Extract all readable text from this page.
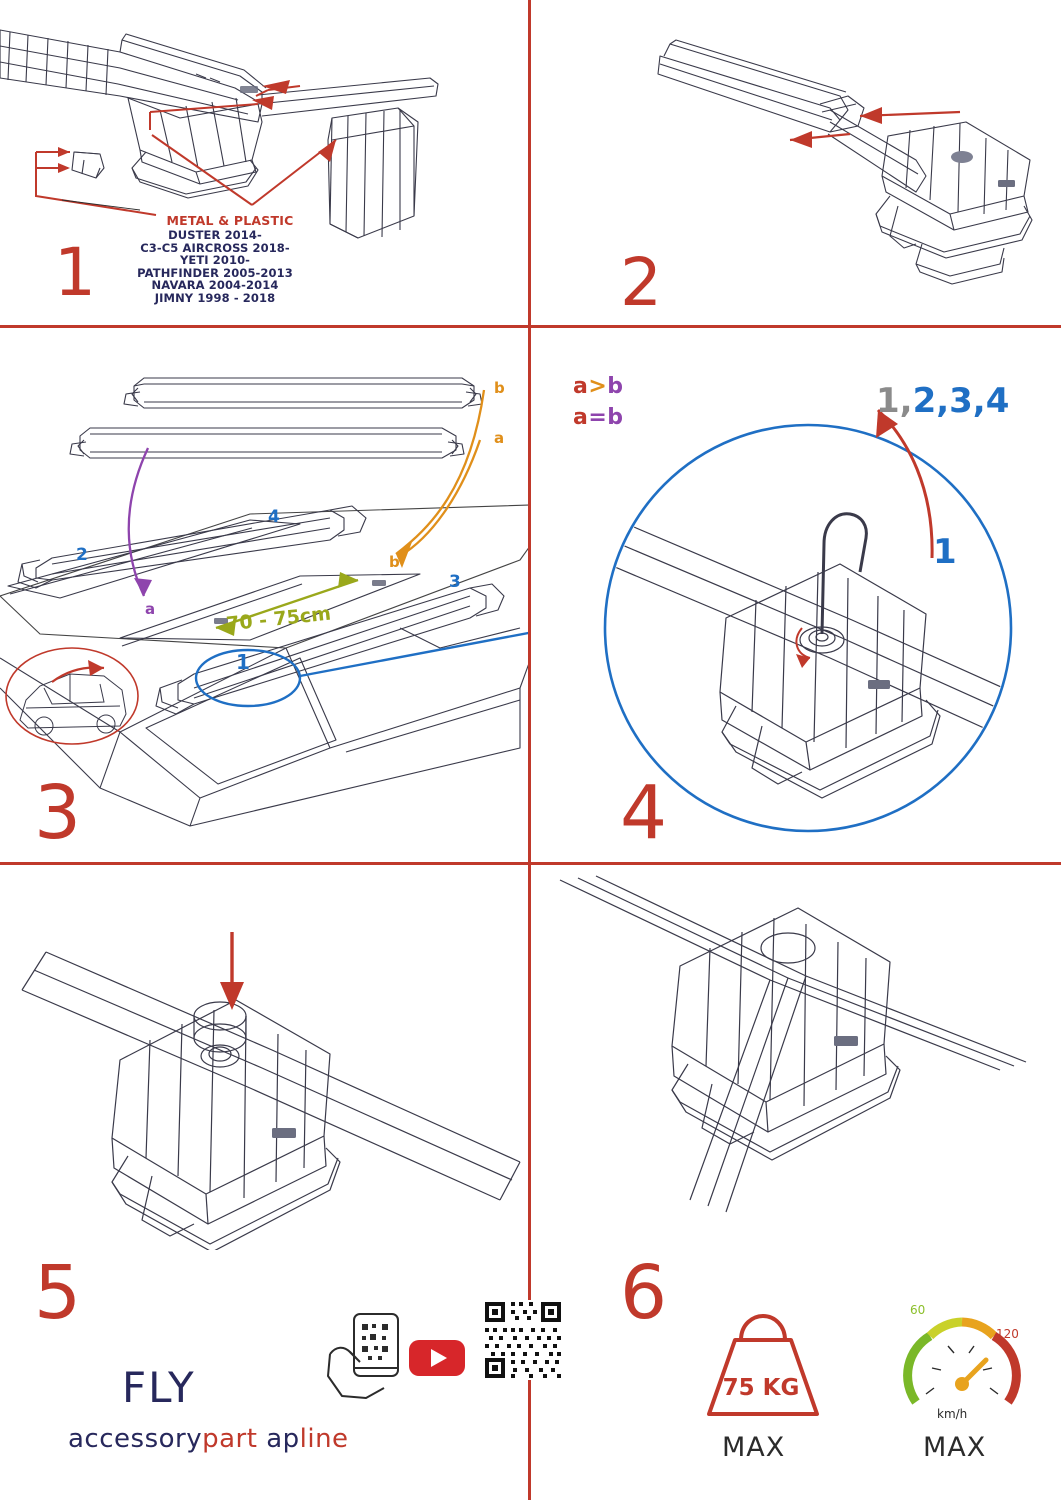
METAL & PLASTIC
DUSTER 2014-
C3-C5 AIRCROSS 2018-
YETI 2010-
PATHFINDER 2005-2013
NAVARA 2004-2014
JIMNY 1998 - 2018
1	2
a>b
a=b
b
a
b
a	70 - 75cm
2
4
3
1
3
1,2,3,4
1
4
5
FLY
accessorypart apline
6
75 KG
MAX
60
120
km/h
MAX
